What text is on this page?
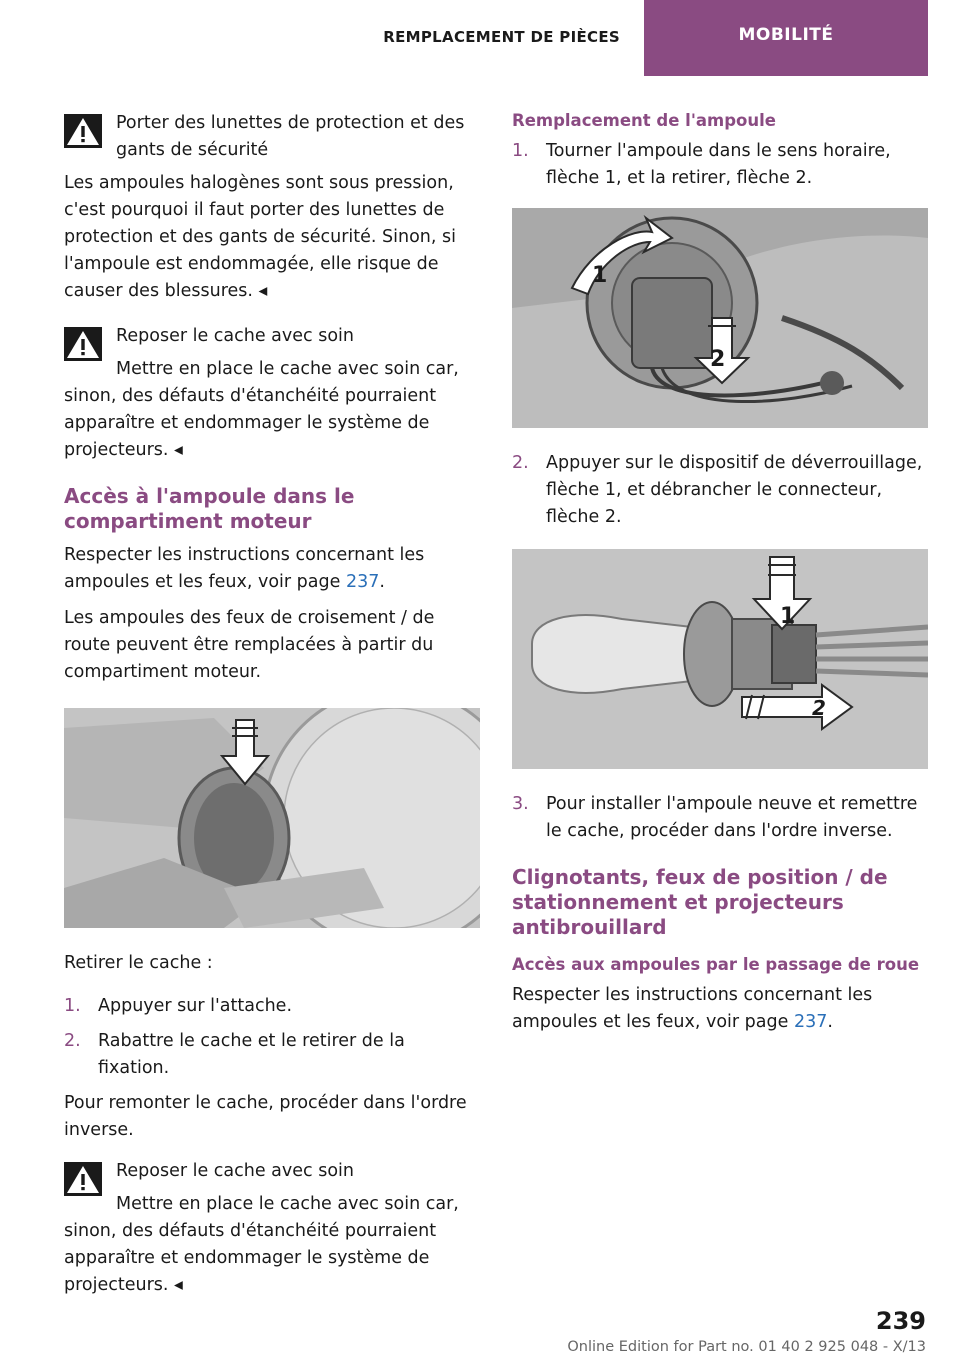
REMPLACEMENT DE PIÈCES	MOBILITÉ
Porter des lunettes de protection et des gants de sécurité

Les ampoules halogènes sont sous pression, c'est pourquoi il faut porter des lunettes de protection et des gants de sécurité. Sinon, si l'ampoule est endommagée, elle risque de causer des blessures. ◂

Reposer le cache avec soin

Mettre en place le cache avec soin car, sinon, des défauts d'étanchéité pourraient apparaître et endommager le système de projecteurs. ◂

Accès à l'ampoule dans le compartiment moteur

Respecter les instructions concernant les ampoules et les feux, voir page 237.

Les ampoules des feux de croisement / de route peuvent être remplacées à partir du compartiment moteur.

Retirer le cache :

1. Appuyer sur l'attache.
2. Rabattre le cache et le retirer de la fixation.

Pour remonter le cache, procéder dans l'ordre inverse.

Reposer le cache avec soin

Mettre en place le cache avec soin car, sinon, des défauts d'étanchéité pourraient apparaître et endommager le système de projecteurs. ◂

Remplacement de l'ampoule
1. Tourner l'ampoule dans le sens horaire, flèche 1, et la retirer, flèche 2.
1
2
2. Appuyer sur le dispositif de déverrouillage, flèche 1, et débrancher le connecteur, flèche 2.
1
2
3. Pour installer l'ampoule neuve et remettre le cache, procéder dans l'ordre inverse.
Clignotants, feux de position / de stationnement et projecteurs antibrouillard
Accès aux ampoules par le passage de roue

Respecter les instructions concernant les ampoules et les feux, voir page 237.

239
Online Edition for Part no. 01 40 2 925 048 - X/13
